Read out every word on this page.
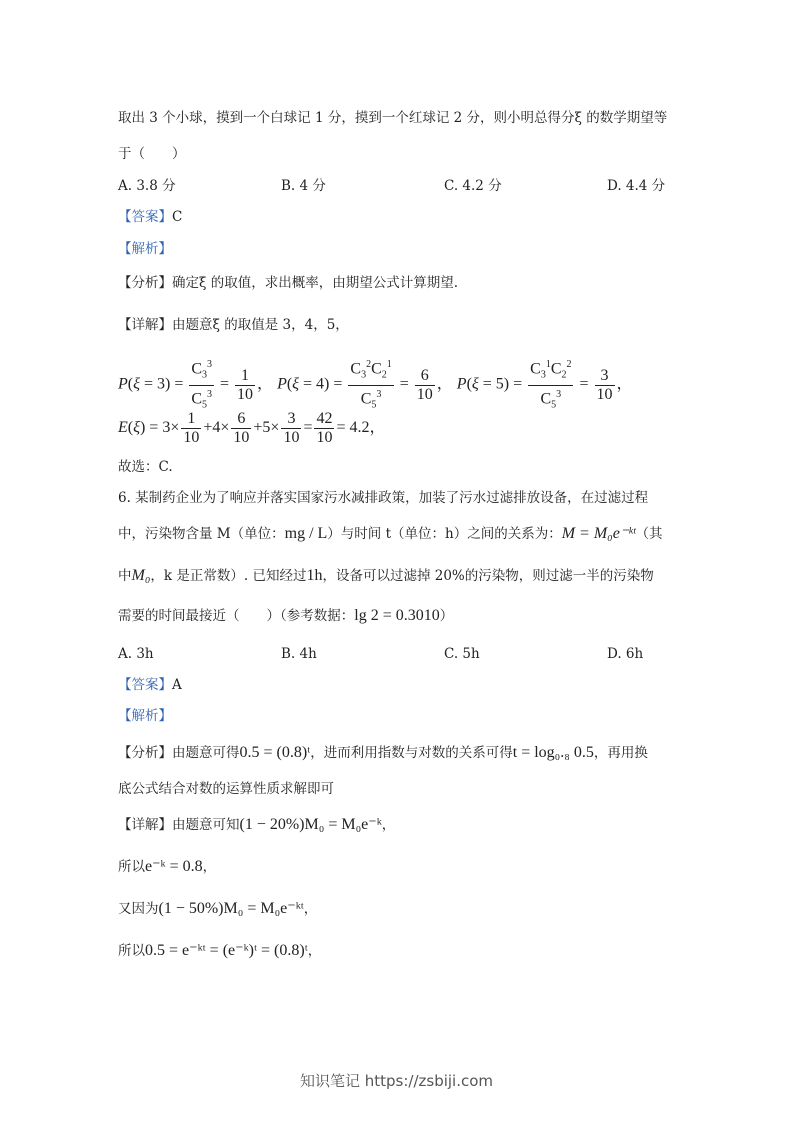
取出 3 个小球，摸到一个白球记 1 分，摸到一个红球记 2 分，则小明总得分ξ 的数学期望等
于（　　）
A. 3.8 分	B. 4 分	C. 4.2 分	D. 4.4 分
【答案】C
【解析】
【分析】确定ξ 的取值，求出概率，由期望公式计算期望.
【详解】由题意ξ 的取值是 3，4，5，
$P(\xi = 3) = \frac{C_3^3}{C_5^3} = \frac{1}{10}$ ， $P(\xi = 4) = \frac{C_3^2C_2^1}{C_5^3} = \frac{6}{10}$ ， $P(\xi = 5) = \frac{C_3^1C_2^2}{C_5^3} = \frac{3}{10}$ ，
$E(\xi) = 3\times \frac{1}{10} +4\times \frac{6}{10} +5\times \frac{3}{10} = \frac{42}{10} = 4.2$，
故选：C.
6. 某制药企业为了响应并落实国家污水减排政策，加装了污水过滤排放设备，在过滤过程
中，污染物含量 M（单位：mg / L）与时间 t（单位：h）之间的关系为：M = M₀e⁻ᵏᵗ（其
中M₀，k 是正常数）. 已知经过1h，设备可以过滤掉 20%的污染物，则过滤一半的污染物
需要的时间最接近（　　）（参考数据：lg 2 = 0.3010）
A. 3h	B. 4h	C. 5h	D. 6h
【答案】A
【解析】
【分析】由题意可得0.5 = (0.8)ᵗ，进而利用指数与对数的关系可得t = log₀.₈ 0.5，再用换
底公式结合对数的运算性质求解即可
【详解】由题意可知(1 − 20%)M₀ = M₀e⁻ᵏ，
所以e⁻ᵏ = 0.8，
又因为(1 − 50%)M₀ = M₀e⁻ᵏᵗ，
所以0.5 = e⁻ᵏᵗ = (e⁻ᵏ)ᵗ = (0.8)ᵗ，
知识笔记 https://zsbiji.com
